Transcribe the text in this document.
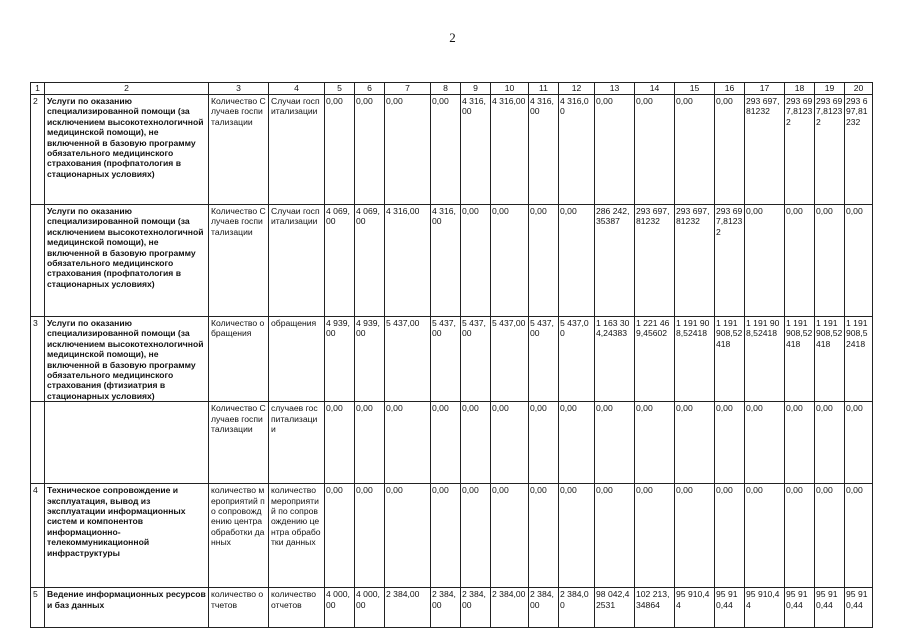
2
1	2	3	4	5	6	7	8	9	10	11	12	13	14	15	16	17	18	19	20
2	Услуги по оказанию специализированной помощи (за исключением высокотехнологичной медицинской помощи), не включенной в базовую программу обязательного медицинского страхования (профпатология в стационарных условиях)	Количество Случаев госпитализации	Случаи госпитализации	0,00	0,00	0,00	0,00	4 316,00	4 316,00	4 316,00	4 316,00	0,00	0,00	0,00	0,00	293 697,81232	293 697,81232	293 697,81232	293 697,81232
	Услуги по оказанию специализированной помощи (за исключением высокотехнологичной медицинской помощи), не включенной в базовую программу обязательного медицинского страхования (профпатология в стационарных условиях)	Количество Случаев госпитализации	Случаи госпитализации	4 069,00	4 069,00	4 316,00	4 316,00	0,00	0,00	0,00	0,00	286 242,35387	293 697,81232	293 697,81232	293 697,81232	0,00	0,00	0,00	0,00
3	Услуги по оказанию специализированной помощи (за исключением высокотехнологичной медицинской помощи), не включенной в базовую программу обязательного медицинского страхования (фтизиатрия в стационарных условиях)	Количество обращения	обращения	4 939,00	4 939,00	5 437,00	5 437,00	5 437,00	5 437,00	5 437,00	5 437,00	1 163 304,24383	1 221 469,45602	1 191 908,52418	1 191 908,52418	1 191 908,52418	1 191 908,52418	1 191 908,52418	1 191 908,52418
		Количество Случаев госпитализации	случаев госпитализации	0,00	0,00	0,00	0,00	0,00	0,00	0,00	0,00	0,00	0,00	0,00	0,00	0,00	0,00	0,00	0,00
4	Техническое сопровождение и эксплуатация, вывод из эксплуатации информационных систем и компонентов информационно-телекоммуникационной инфраструктуры	количество мероприятий по сопровождению центра обработки данных	количество мероприятий по сопровождению центра обработки данных	0,00	0,00	0,00	0,00	0,00	0,00	0,00	0,00	0,00	0,00	0,00	0,00	0,00	0,00	0,00	0,00
5	Ведение информационных ресурсов и баз данных	количество отчетов	количество отчетов	4 000,00	4 000,00	2 384,00	2 384,00	2 384,00	2 384,00	2 384,00	2 384,00	98 042,42531	102 213,34864	95 910,44	95 910,44	95 910,44	95 910,44	95 910,44	95 910,44
